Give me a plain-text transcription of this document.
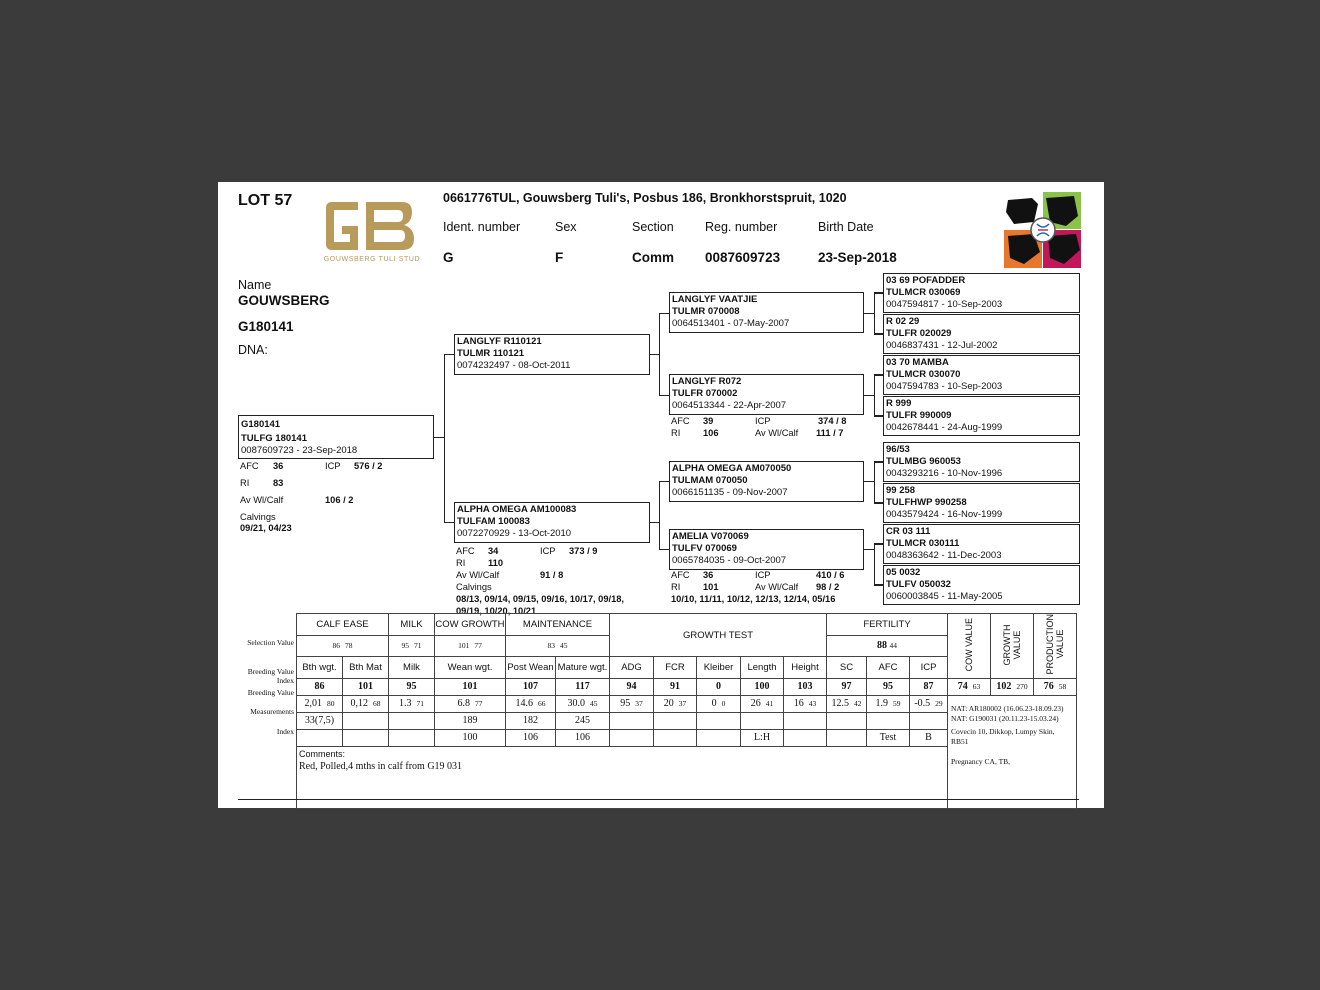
LOT 57
GOUWSBERG TULI STUD
0661776TUL, Gouwsberg Tuli's, Posbus 186, Bronkhorstspruit, 1020
Ident. number	Sex	Section	Reg. number	Birth Date
G	F	Comm 0087609723	23-Sep-2018
Name
GOUWSBERG
G180141
DNA:
G180141
TULFG 180141
0087609723 - 23-Sep-2018
AFC 36	ICP 576 / 2
RI	83
Av Wl/Calf	106 / 2
Calvings
09/21, 04/23
LANGLYF R110121
TULMR 110121
0074232497 - 08-Oct-2011
ALPHA OMEGA AM100083
TULFAM 100083
0072270929 - 13-Oct-2010
AFC 34	ICP 373 / 9
RI 110
Av Wl/Calf	91 / 8
Calvings
08/13, 09/14, 09/15, 09/16, 10/17, 09/18,
09/19, 10/20, 10/21
LANGLYF VAATJIE
TULMR 070008
0064513401 - 07-May-2007
LANGLYF R072
TULFR 070002
0064513344 - 22-Apr-2007
AFC 39	ICP	374 / 8
RI 106	Av Wl/Calf 111 / 7
ALPHA OMEGA AM070050
TULMAM 070050
0066151135 - 09-Nov-2007
AMELIA V070069
TULFV 070069
0065784035 - 09-Oct-2007
AFC 36	ICP	410 / 6
RI 101	Av Wl/Calf 98 / 2
10/10, 11/11, 10/12, 12/13, 12/14, 05/16
03 69 POFADDER
TULMCR 030069
0047594817 - 10-Sep-2003
R 02 29
TULFR 020029
0046837431 - 12-Jul-2002
03 70 MAMBA
TULMCR 030070
0047594783 - 10-Sep-2003
R 999
TULFR 990009
0042678441 - 24-Aug-1999
96/53
TULMBG 960053
0043293216 - 10-Nov-1996
99 258
TULFHWP 990258
0043579424 - 16-Nov-1999
CR 03 111
TULMCR 030111
0048363642 - 11-Dec-2003
05 0032
TULFV 050032
0060003845 - 11-May-2005
Selection Value
Breeding Value
Index
Breeding Value
Measurements
Index
CALF EASE		MILK	COW GROWTH	MAINTENANCE		GROWTH TEST					FERTILITY			COW VALUE	GROWTH VALUE	PRODUCTION VALUE
86 78		95 71	101 77	83 45							88 44					
Bth wgt.	Bth Mat	Milk	Wean wgt.	Post Wean	Mature wgt.	ADG	FCR	Kleiber	Length	Height	SC	AFC	ICP			
86	101	95	101	107	117	94	91	0	100	103	97	95	87	74 63	102 270	76 58
2,01 80	0,12 68	1.3 71	6.8 77	14.6 66	30.0 45	95 37	20 37	0 0	26 41	16 43	12.5 42	1.9 59	-0.5 29			
33(7,5)			189	182	245											
			100	106	106				L:H			Test	B			

Comments:
Red, Polled,4 mths in calf from G19 031																
NAT: AR180002 (16.06.23-18.09.23)
NAT: G190031 (20.11.23-15.03.24)
Covecin 10, Dikkop, Lumpy Skin,
RB51
Pregnancy CA, TB,
